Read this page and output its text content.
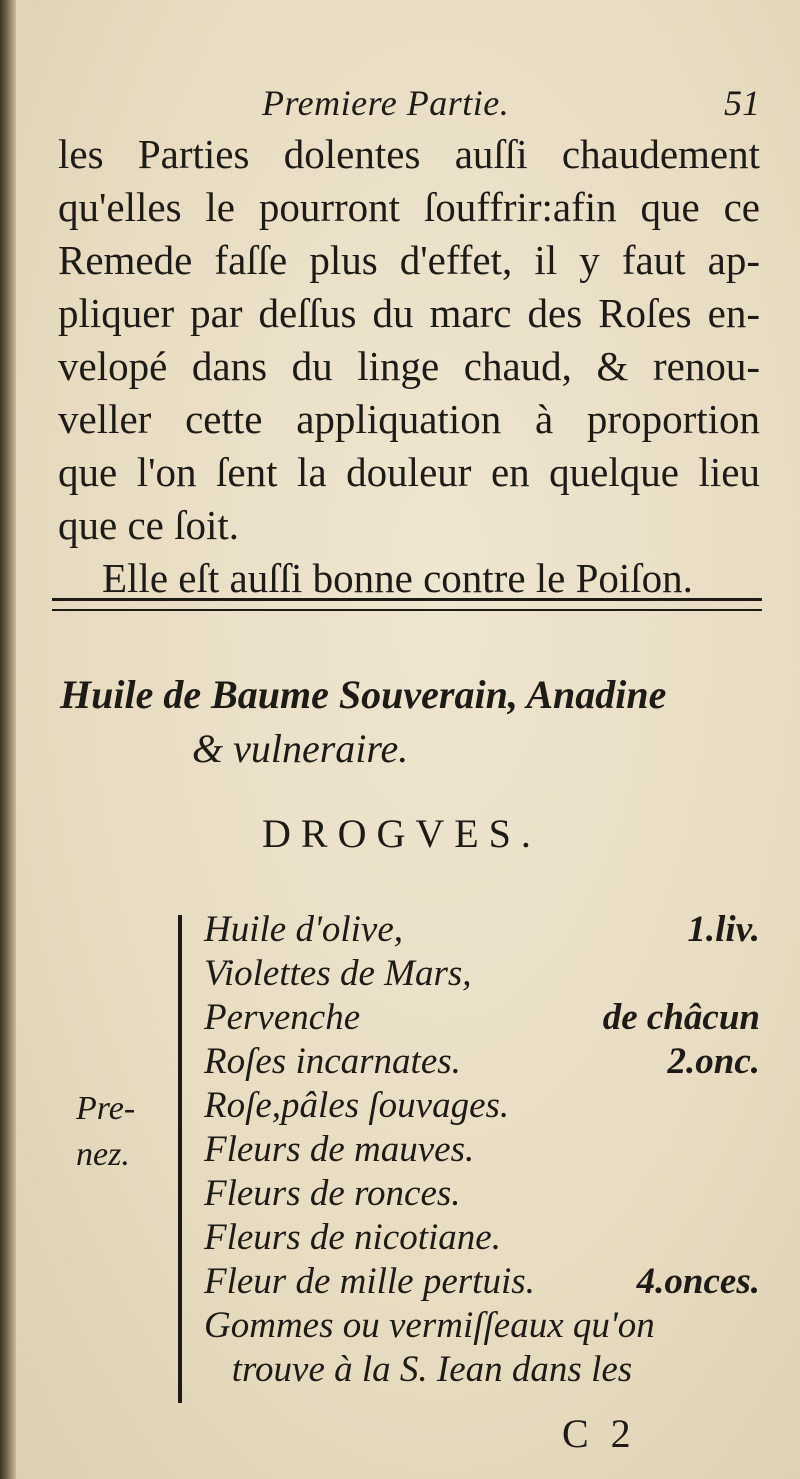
Premiere Partie.	51
les Parties dolentes auſſi chaudement
qu'elles le pourront ſouffrir:afin que ce
Remede faſſe plus d'effet, il y faut ap-
pliquer par deſſus du marc des Roſes en-
velopé dans du linge chaud, & renou-
veller cette appliquation à proportion
que l'on ſent la douleur en quelque lieu
que ce ſoit.
Elle eſt auſſi bonne contre le Poiſon.
Huile de Baume Souverain, Anadine
& vulneraire.
DROGVES.
Pre-
nez.
Huile d'olive,	1.liv.
Violettes de Mars,
Pervenche	de châcun
Roſes incarnates.	2.onc.
Roſe,pâles ſouvages.
Fleurs de mauves.
Fleurs de ronces.
Fleurs de nicotiane.
Fleur de mille pertuis.	4.onces.
Gommes ou vermiſſeaux qu'on
trouve à la S. Iean dans les
C 2
